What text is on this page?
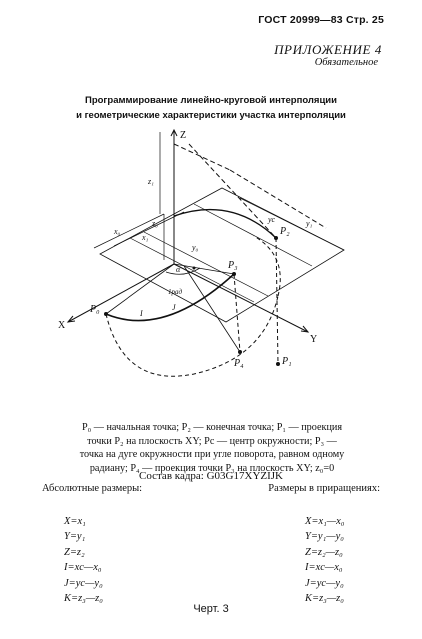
ГОСТ 20999—83 Стр. 25
ПРИЛОЖЕНИЕ 4
Обязательное
Программирование линейно-круговой интерполяции
и геометрические характеристики участка интерполяции
Z
X
Y
P₀
P₁
P₂
P₃
P₄
z₁
z₀
x₀
x₁
y₀
y₁
yс
α
1рад
I
J
P₀ — начальная точка; P₂ — конечная точка; P₁ — проекция
точки P₂ на плоскость XY; Pс — центр окружности; P₃ —
точка на дуге окружности при угле поворота, равном одному
радиану; P₄ — проекция точки P₃ на плоскость XY; z₀=0
Состав кадра: G03G17XYZIJK
Абсолютные размеры:	Размеры в приращениях:
X=x₁
Y=y₁
Z=z₂
I=xc—x₀
J=yc—y₀
K=z₃—z₀
X=x₁—x₀
Y=y₁—y₀
Z=z₂—z₀
I=xc—x₀
J=yc—y₀
K=z₃—z₀
Черт. 3
